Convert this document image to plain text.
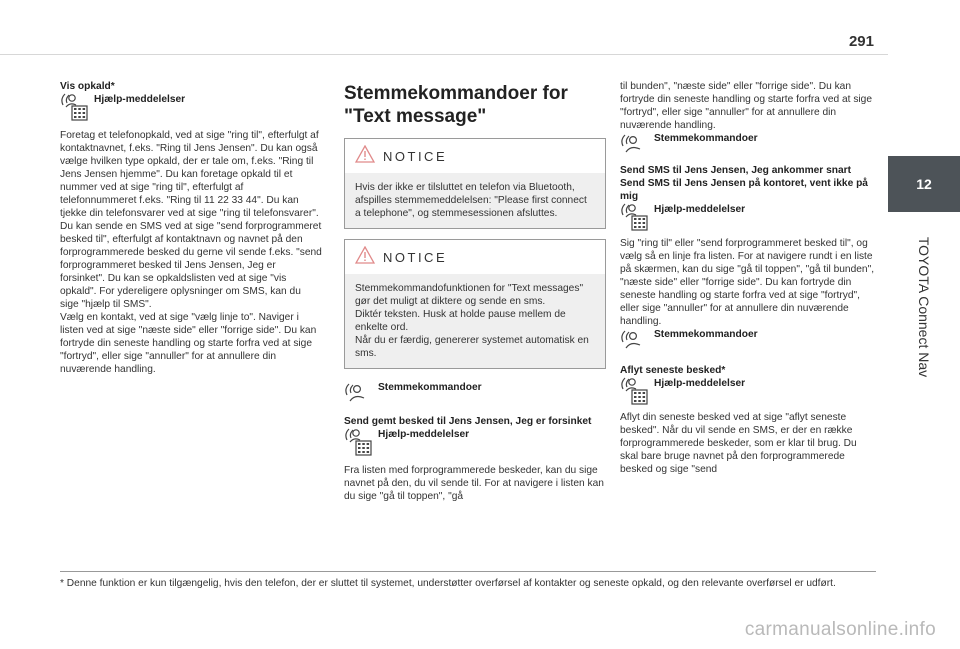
291
12
TOYOTA Connect Nav
Vis opkald*
Hjælp-meddelelser

Foretag et telefonopkald, ved at sige "ring til", efterfulgt af kontaktnavnet, f.eks. "Ring til Jens Jensen". Du kan også vælge hvilken type opkald, der er tale om, f.eks. "Ring til Jens Jensen hjemme". Du kan foretage opkald til et nummer ved at sige "ring til", efterfulgt af telefonnummeret f.eks. "Ring til 11 22 33 44". Du kan tjekke din telefonsvarer ved at sige "ring til telefonsvarer". Du kan sende en SMS ved at sige "send forprogrammeret besked til", efterfulgt af kontaktnavn og navnet på den forprogrammerede besked du gerne vil sende f.eks. "send forprogrammeret besked til Jens Jensen, Jeg er forsinket". Du kan se opkaldslisten ved at sige "vis opkald". For ydereligere oplysninger om SMS, kan du sige "hjælp til SMS".
Vælg en kontakt, ved at sige "vælg linje to". Naviger i listen ved at sige "næste side" eller "forrige side". Du kan fortryde din seneste handling og starte forfra ved at sige "fortryd", eller sige "annuller" for at annullere din nuværende handling.

Stemmekommandoer for "Text message"
NOTICE
Hvis der ikke er tilsluttet en telefon via Bluetooth, afspilles stemmemeddelelsen: "Please first connect a telephone", og stemmesessionen afsluttes.
NOTICE
Stemmekommandofunktionen for "Text messages" gør det muligt at diktere og sende en sms.
Diktér teksten. Husk at holde pause mellem de enkelte ord.
Når du er færdig, genererer systemet automatisk en sms.
Stemmekommandoer
Send gemt besked til Jens Jensen, Jeg er forsinket
Hjælp-meddelelser

Fra listen med forprogrammerede beskeder, kan du sige navnet på den, du vil sende til. For at navigere i listen kan du sige "gå til toppen", "gå

til bunden", "næste side" eller "forrige side". Du kan fortryde din seneste handling og starte forfra ved at sige "fortryd", eller sige "annuller" for at annullere din nuværende handling.

Stemmekommandoer
Send SMS til Jens Jensen, Jeg ankommer snart
Send SMS til Jens Jensen på kontoret, vent ikke på mig
Hjælp-meddelelser

Sig "ring til" eller "send forprogrammeret besked til", og vælg så en linje fra listen. For at navigere rundt i en liste på skærmen, kan du sige "gå til toppen", "gå til bunden", "næste side" eller "forrige side". Du kan fortryde din seneste handling og starte forfra ved at sige "fortryd", eller sige "annuller" for at annullere din nuværende handling.

Stemmekommandoer
Aflyt seneste besked*
Hjælp-meddelelser

Aflyt din seneste besked ved at sige "aflyt seneste besked". Når du vil sende en SMS, er der en række forprogrammerede beskeder, som er klar til brug. Du skal bare bruge navnet på den forprogrammerede besked og sige "send

* Denne funktion er kun tilgængelig, hvis den telefon, der er sluttet til systemet, understøtter overførsel af kontakter og seneste opkald, og den relevante overførsel er udført.
carmanualsonline.info
